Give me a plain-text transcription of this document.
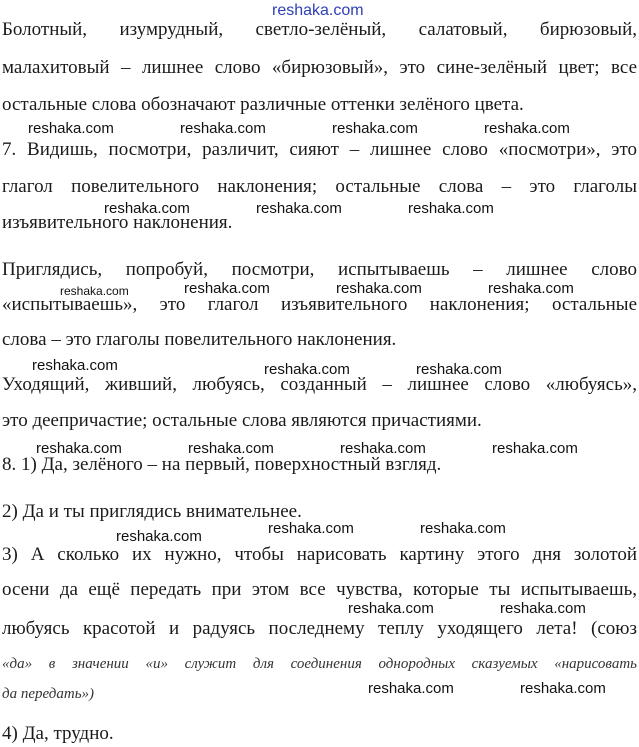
reshaka.com
Болотный, изумрудный, светло-зелёный, салатовый, бирюзовый,
малахитовый – лишнее слово «бирюзовый», это сине-зелёный цвет; все
остальные слова обозначают различные оттенки зелёного цвета.
reshaka.com	reshaka.com	reshaka.com	reshaka.com
7. Видишь, посмотри, различит, сияют – лишнее слово «посмотри», это
глагол повелительного наклонения; остальные слова – это глаголы
reshaka.com	reshaka.com	reshaka.com
изъявительного наклонения.
Приглядись, попробуй, посмотри, испытываешь – лишнее слово
reshaka.com	reshaka.com	reshaka.com	reshaka.com
«испытываешь», это глагол изъявительного наклонения; остальные
слова – это глаголы повелительного наклонения.
reshaka.com	reshaka.com	reshaka.com
Уходящий, живший, любуясь, созданный – лишнее слово «любуясь»,
это деепричастие; остальные слова являются причастиями.
reshaka.com	reshaka.com	reshaka.com	reshaka.com
8. 1) Да, зелёного – на первый, поверхностный взгляд.
2) Да и ты приглядись внимательнее.
reshaka.com	reshaka.com
reshaka.com
3) А сколько их нужно, чтобы нарисовать картину этого дня золотой
осени да ещё передать при этом все чувства, которые ты испытываешь,
reshaka.com	reshaka.com
любуясь красотой и радуясь последнему теплу уходящего лета! (союз
«да» в значении «и» служит для соединения однородных сказуемых «нарисовать
да передать»)	reshaka.com	reshaka.com
4) Да, трудно.
